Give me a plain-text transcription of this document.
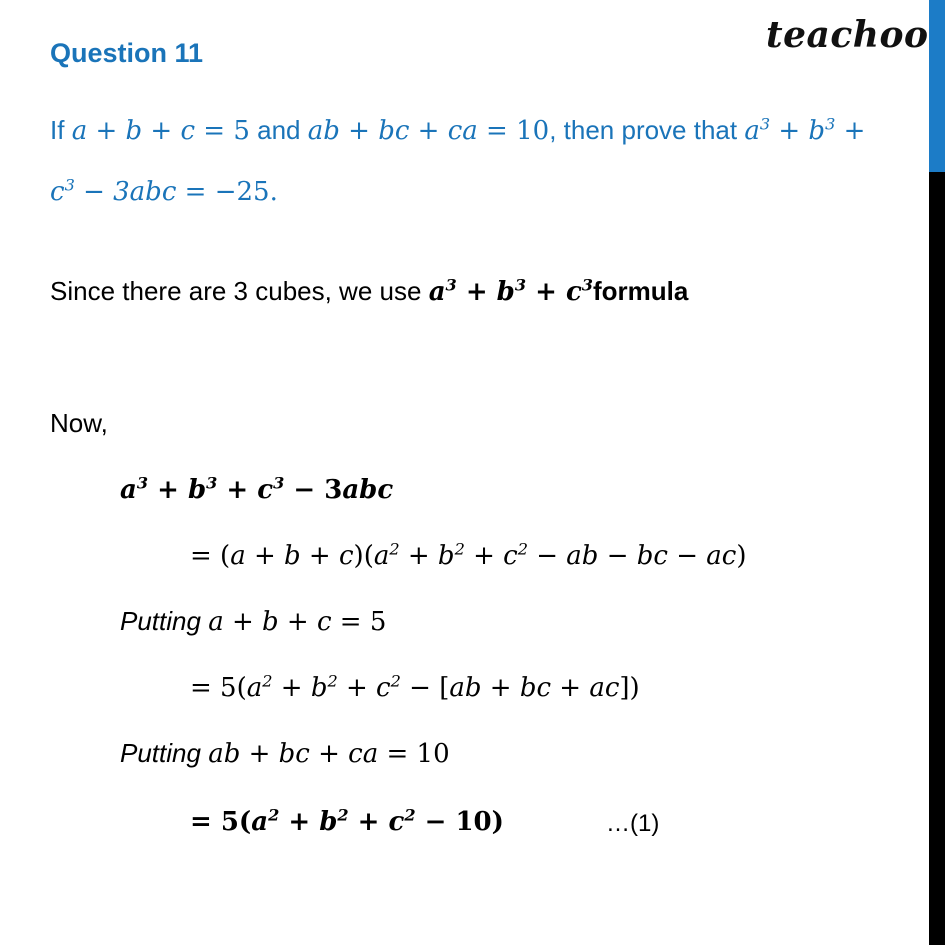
teachoo
Question 11
If a + b + c = 5 and ab + bc + ca = 10, then prove that $a^3 + b^3 + c^3 - 3abc = -25$.
Since there are 3 cubes, we use $a^3 + b^3$ + $c^3formula$
Now,
$a^3 + b^3 + c^3 - 3abc$
= $(a + b + c)(a^2 + b^2 + c^2$ − ab − bc − ac)
Putting a + b + c = 5
= $5(a^2 + b^2 + c^2 - [ab$ + bc + ac])
Putting ab + bc + ca = 10
= $5(a^2 + b^2 + c^2 - 10)$	…(1)
